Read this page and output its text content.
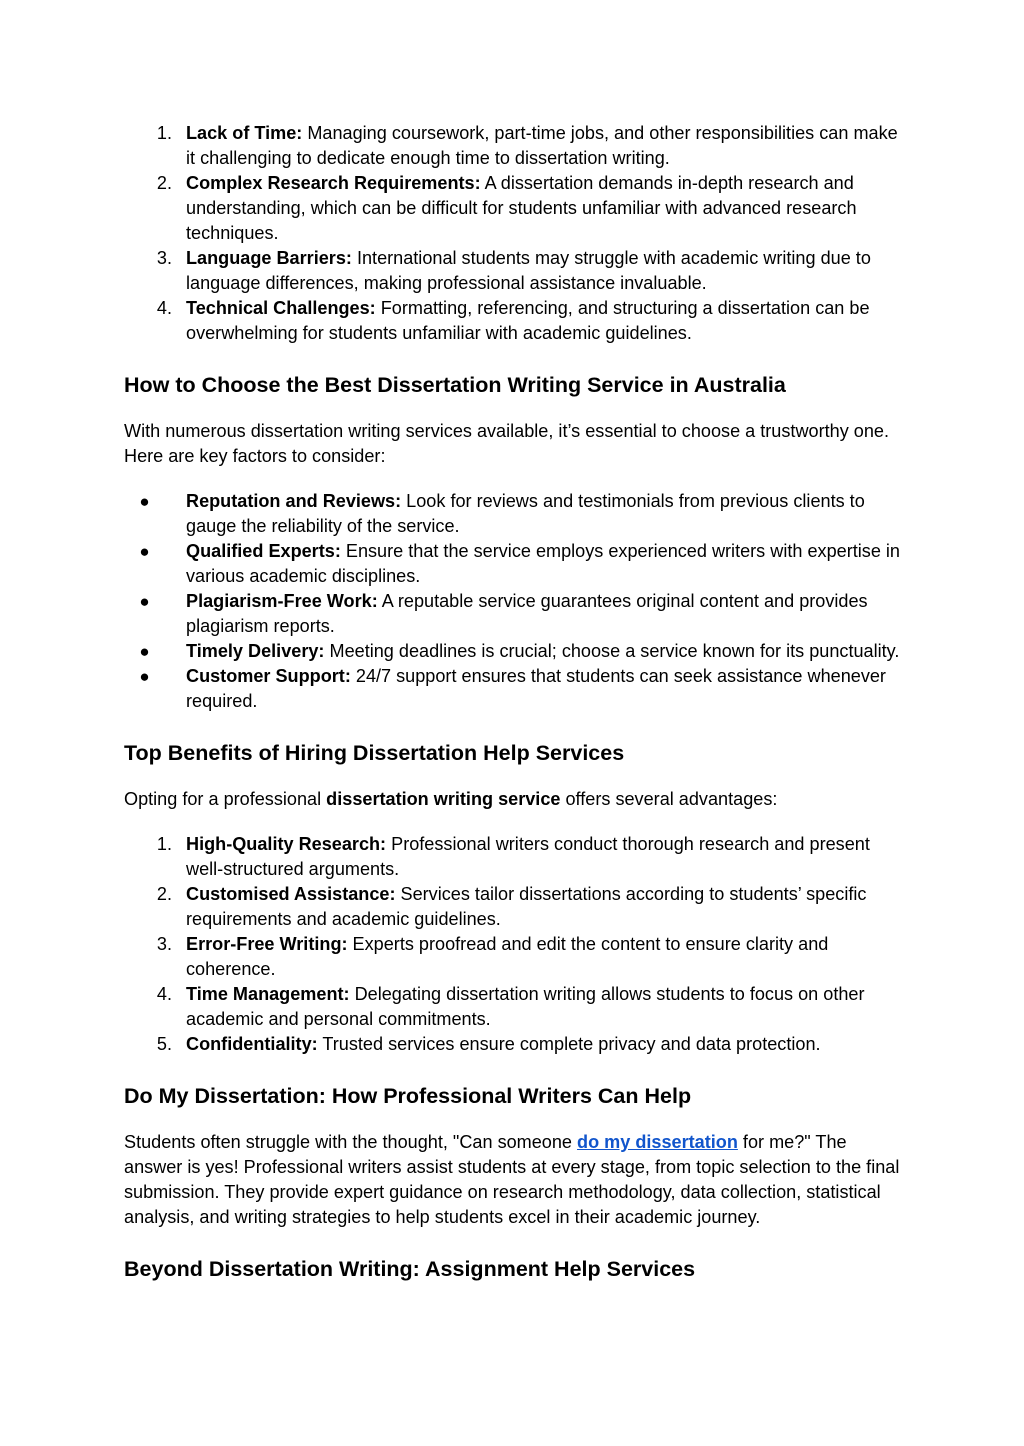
1. Lack of Time: Managing coursework, part-time jobs, and other responsibilities can make it challenging to dedicate enough time to dissertation writing.
2. Complex Research Requirements: A dissertation demands in-depth research and understanding, which can be difficult for students unfamiliar with advanced research techniques.
3. Language Barriers: International students may struggle with academic writing due to language differences, making professional assistance invaluable.
4. Technical Challenges: Formatting, referencing, and structuring a dissertation can be overwhelming for students unfamiliar with academic guidelines.
How to Choose the Best Dissertation Writing Service in Australia

With numerous dissertation writing services available, it’s essential to choose a trustworthy one. Here are key factors to consider:

●	Reputation and Reviews: Look for reviews and testimonials from previous clients to gauge the reliability of the service.
●	Qualified Experts: Ensure that the service employs experienced writers with expertise in various academic disciplines.
●	Plagiarism-Free Work: A reputable service guarantees original content and provides plagiarism reports.
●	Timely Delivery: Meeting deadlines is crucial; choose a service known for its punctuality.
●	Customer Support: 24/7 support ensures that students can seek assistance whenever required.
Top Benefits of Hiring Dissertation Help Services

Opting for a professional dissertation writing service offers several advantages:

1. High-Quality Research: Professional writers conduct thorough research and present well-structured arguments.
2. Customised Assistance: Services tailor dissertations according to students’ specific requirements and academic guidelines.
3. Error-Free Writing: Experts proofread and edit the content to ensure clarity and coherence.
4. Time Management: Delegating dissertation writing allows students to focus on other academic and personal commitments.
5. Confidentiality: Trusted services ensure complete privacy and data protection.
Do My Dissertation: How Professional Writers Can Help

Students often struggle with the thought, "Can someone do my dissertation for me?" The answer is yes! Professional writers assist students at every stage, from topic selection to the final submission. They provide expert guidance on research methodology, data collection, statistical analysis, and writing strategies to help students excel in their academic journey.

Beyond Dissertation Writing: Assignment Help Services
